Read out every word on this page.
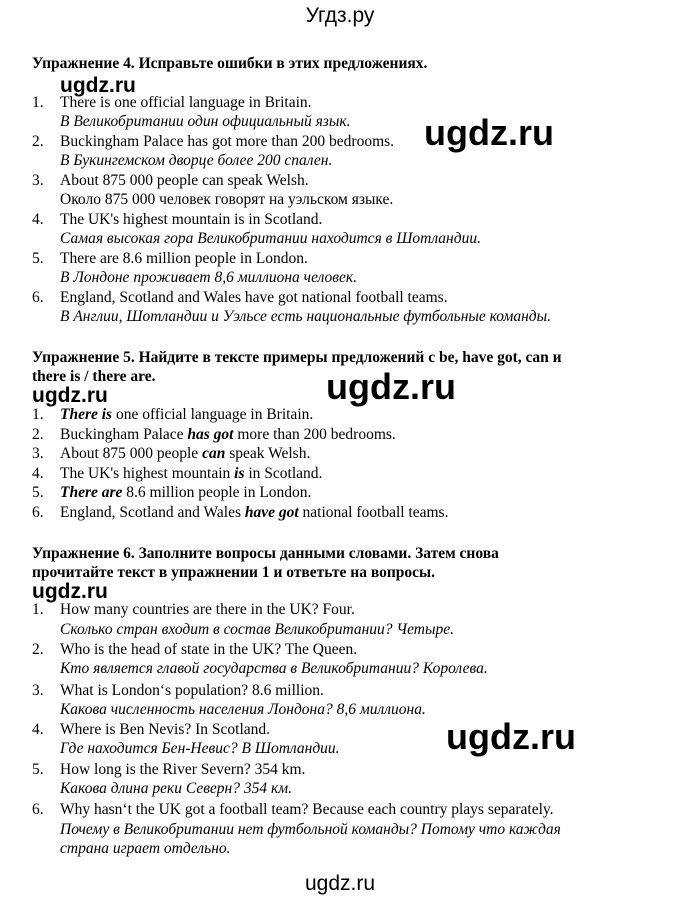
Угдз.ру
Упражнение 4. Исправьте ошибки в этих предложениях.
ugdz.ru
1. There is one official language in Britain.
В Великобритании один официальный язык.
2. Buckingham Palace has got more than 200 bedrooms.
В Букингемском дворце более 200 спален.
3. About 875 000 people can speak Welsh.
Около 875 000 человек говорят на уэльском языке.
4. The UK's highest mountain is in Scotland.
Самая высокая гора Великобритании находится в Шотландии.
5. There are 8.6 million people in London.
В Лондоне проживает 8,6 миллиона человек.
6. England, Scotland and Wales have got national football teams.
В Англии, Шотландии и Уэльсе есть национальные футбольные команды.
ugdz.ru
Упражнение 5. Найдите в тексте примеры предложений с be, have got, can и
there is / there are.	ugdz.ru
ugdz.ru
1. There is one official language in Britain.
2. Buckingham Palace has got more than 200 bedrooms.
3. About 875 000 people can speak Welsh.
4. The UK's highest mountain is in Scotland.
5. There are 8.6 million people in London.
6. England, Scotland and Wales have got national football teams.
Упражнение 6. Заполните вопросы данными словами. Затем снова
прочитайте текст в упражнении 1 и ответьте на вопросы.
ugdz.ru
1. How many countries are there in the UK? Four.
Сколько стран входит в состав Великобритании? Четыре.
2. Who is the head of state in the UK? The Queen.
Кто является главой государства в Великобритании? Королева.
3. What is London‘s population? 8.6 million.
Какова численность населения Лондона? 8,6 миллиона.
4. Where is Ben Nevis? In Scotland.
Где находится Бен-Невис? В Шотландии.
5. How long is the River Severn? 354 km.
Какова длина реки Северн? 354 км.
6. Why hasn‘t the UK got a football team? Because each country plays separately.
Почему в Великобритании нет футбольной команды? Потому что каждая
страна играет отдельно.
ugdz.ru
ugdz.ru
